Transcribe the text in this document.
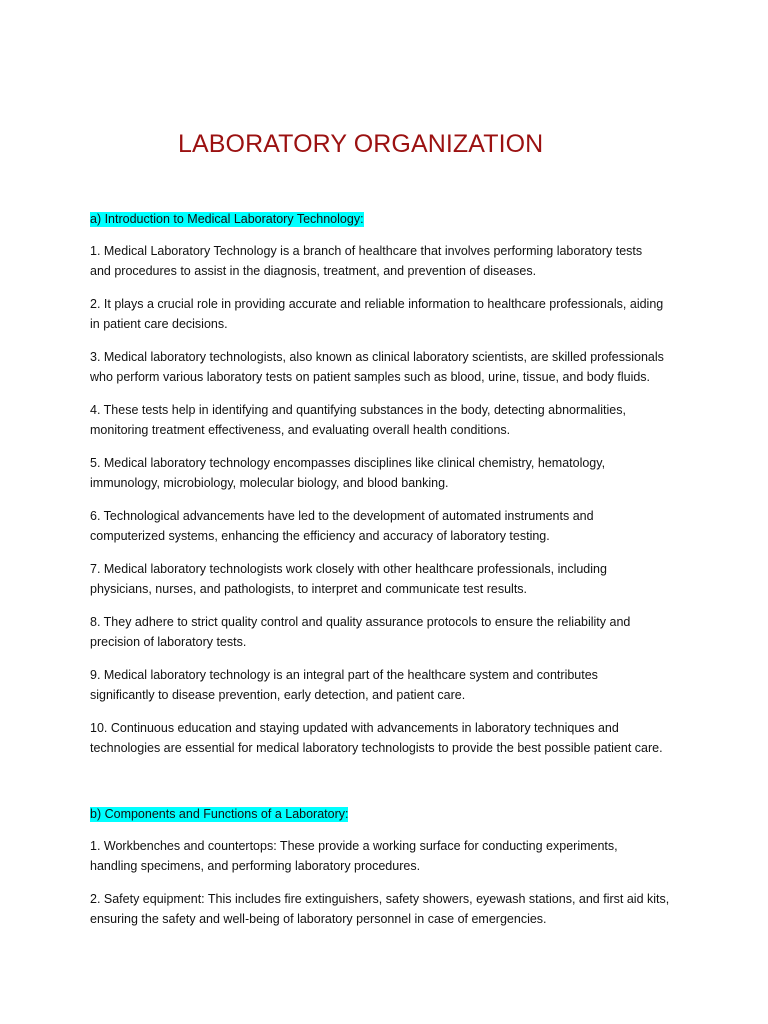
LABORATORY ORGANIZATION
a) Introduction to Medical Laboratory Technology:
1. Medical Laboratory Technology is a branch of healthcare that involves performing laboratory tests
and procedures to assist in the diagnosis, treatment, and prevention of diseases.
2. It plays a crucial role in providing accurate and reliable information to healthcare professionals, aiding
in patient care decisions.
3. Medical laboratory technologists, also known as clinical laboratory scientists, are skilled professionals
who perform various laboratory tests on patient samples such as blood, urine, tissue, and body fluids.
4. These tests help in identifying and quantifying substances in the body, detecting abnormalities,
monitoring treatment effectiveness, and evaluating overall health conditions.
5. Medical laboratory technology encompasses disciplines like clinical chemistry, hematology,
immunology, microbiology, molecular biology, and blood banking.
6. Technological advancements have led to the development of automated instruments and
computerized systems, enhancing the efficiency and accuracy of laboratory testing.
7. Medical laboratory technologists work closely with other healthcare professionals, including
physicians, nurses, and pathologists, to interpret and communicate test results.
8. They adhere to strict quality control and quality assurance protocols to ensure the reliability and
precision of laboratory tests.
9. Medical laboratory technology is an integral part of the healthcare system and contributes
significantly to disease prevention, early detection, and patient care.
10. Continuous education and staying updated with advancements in laboratory techniques and
technologies are essential for medical laboratory technologists to provide the best possible patient care.
b) Components and Functions of a Laboratory:
1. Workbenches and countertops: These provide a working surface for conducting experiments,
handling specimens, and performing laboratory procedures.
2. Safety equipment: This includes fire extinguishers, safety showers, eyewash stations, and first aid kits,
ensuring the safety and well-being of laboratory personnel in case of emergencies.
